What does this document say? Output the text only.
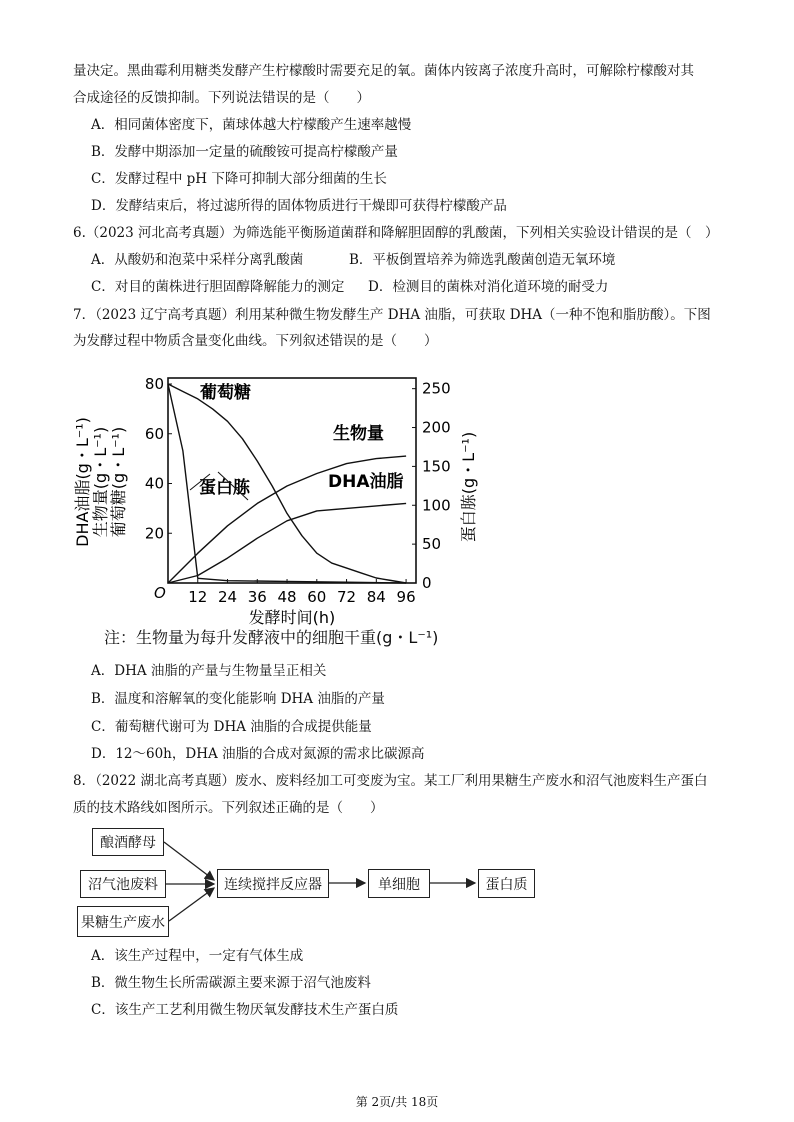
量决定。黑曲霉利用糖类发酵产生柠檬酸时需要充足的氧。菌体内铵离子浓度升高时，可解除柠檬酸对其
合成途径的反馈抑制。下列说法错误的是（　　）
A．相同菌体密度下，菌球体越大柠檬酸产生速率越慢
B．发酵中期添加一定量的硫酸铵可提高柠檬酸产量
C．发酵过程中 pH 下降可抑制大部分细菌的生长
D．发酵结束后，将过滤所得的固体物质进行干燥即可获得柠檬酸产品
6.（2023 河北高考真题）为筛选能平衡肠道菌群和降解胆固醇的乳酸菌，下列相关实验设计错误的是（　）
A．从酸奶和泡菜中采样分离乳酸菌	B．平板倒置培养为筛选乳酸菌创造无氧环境
C．对目的菌株进行胆固醇降解能力的测定 D．检测目的菌株对消化道环境的耐受力
7．（2023 辽宁高考真题）利用某种微生物发酵生产 DHA 油脂，可获取 DHA（一种不饱和脂肪酸）。下图
为发酵过程中物质含量变化曲线。下列叙述错误的是（　　）
12 24 36 48 60 72 84 96
20
40
60
80
0
50
100
150
200
250
O
发酵时间(h)
DHA油脂(g・L⁻¹) 生物量(g・L⁻¹) 葡萄糖(g・L⁻¹)	蛋白胨(g・L⁻¹)
葡萄糖
生物量
DHA油脂
蛋白胨
注：生物量为每升发酵液中的细胞干重(g・L⁻¹)
A．DHA 油脂的产量与生物量呈正相关
B．温度和溶解氧的变化能影响 DHA 油脂的产量
C．葡萄糖代谢可为 DHA 油脂的合成提供能量
D．12～60h，DHA 油脂的合成对氮源的需求比碳源高
8．（2022 湖北高考真题）废水、废料经加工可变废为宝。某工厂利用果糖生产废水和沼气池废料生产蛋白
质的技术路线如图所示。下列叙述正确的是（　　）
酿酒酵母
沼气池废料
果糖生产废水
连续搅拌反应器	单细胞	蛋白质
A．该生产过程中，一定有气体生成
B．微生物生长所需碳源主要来源于沼气池废料
C．该生产工艺利用微生物厌氧发酵技术生产蛋白质
第 2页/共 18页
